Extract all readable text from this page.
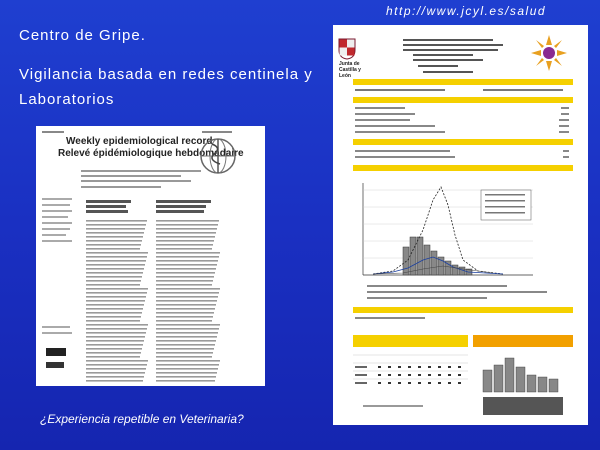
http://www.jcyl.es/salud
Centro de Gripe.
Vigilancia basada en redes centinela y Laboratorios
Weekly epidemiological record
Relevé épidémiologique hebdomadaire
Junta de Castilla y León
¿Experiencia repetible en Veterinaria?
